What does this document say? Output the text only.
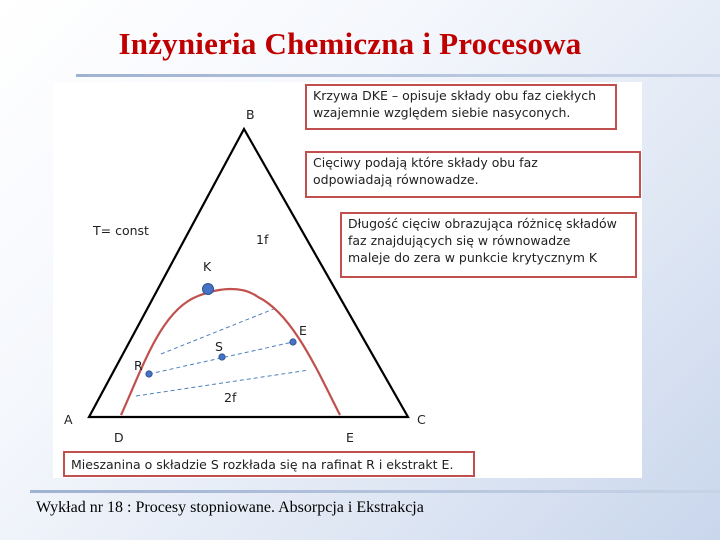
Inżynieria Chemiczna i Procesowa
B
A	C
K
S
R
E
D	E
1f
2f
T= const
Krzywa DKE – opisuje składy obu faz ciekłych
wzajemnie względem siebie nasyconych.
Cięciwy podają które składy obu faz
odpowiadają równowadze.
Długość cięciw obrazująca różnicę składów
faz znajdujących się w równowadze
maleje do zera w punkcie krytycznym K
Mieszanina o składzie S rozkłada się na rafinat R i ekstrakt E.
Wykład nr 18 : Procesy stopniowane. Absorpcja i Ekstrakcja
